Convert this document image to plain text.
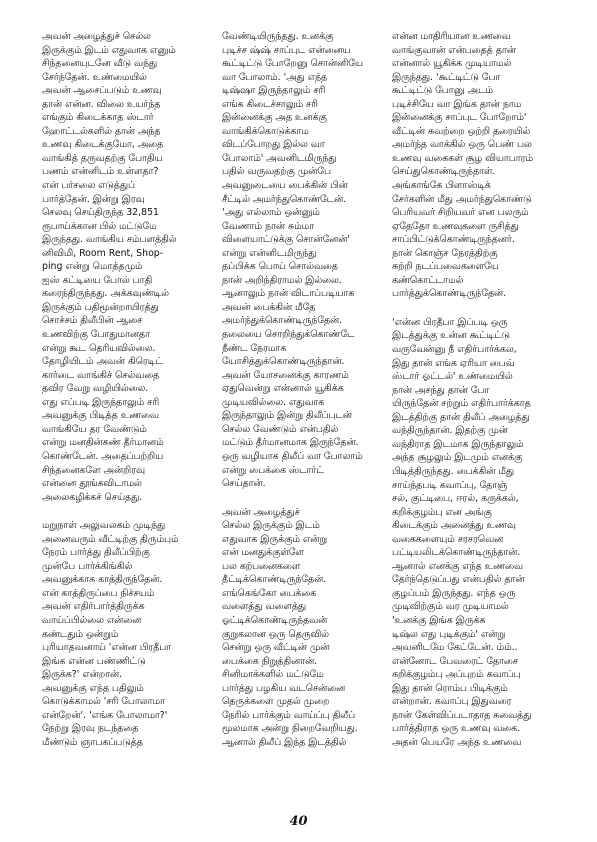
அவன் அழைத்துச் செல்ல
இருக்கும் இடம் எதுவாக எனும்
சிந்தனையுடனே வீடு வந்து
சேர்ந்தேன். உண்மையில்
அவன் ஆசைப்படும் உணவு
தான் என்ன. விலை உயர்ந்த
எங்கும் கிடைக்காத ஸ்டார்
ஹோட்டல்களில் தான் அந்த
உணவு கிடைக்குமோ, அதை
வாங்கித் தருவதற்கு போதிய
பணம் என்னிடம் உள்ளதா?
என் பர்சலை எடுத்துப்
பார்த்தேன். இன்று இரவு
செலவு செய்திருந்த 32,851
ரூபாய்க்கான பில் மட்டுமே
இருந்தது. வாங்கிய சம்பளத்தில்
னிவிமி, Room Rent, Shop-
ping என்று மொத்தமும்
ஐஸ் கட்டியை போல் பாதி
கரைந்திருந்தது. அக்கவுண்டில்
இருக்கும் பதிமூன்றாயிரத்து
சொச்சம் திலீபின் ஆசை
உணவிற்கு போதுமானதா
என்று கூட தெரியவில்லை.
தோழியிடம் அவன் கிரெடிட்
கார்டை வாங்கிச் செல்வதை
தவிர வேறு வழியில்லை.
எது எப்படி இருந்தாலும் சரி
அவனுக்கு பிடித்த உணவை
வாங்கியே தர வேண்டும்
என்று மனதின்கண் தீர்மானம்
கொண்டேன். அதைப்பற்றிய
சிந்தனைகளே அன்றிரவு
என்னை தூங்கவிடாமல்
அலைகழிக்கச் செய்தது.
மறுநாள் அலுவலகம் முடிந்து
அனைவரும் வீட்டிற்கு திரும்பும்
நேரம் பார்த்து திலீப்பிற்கு
முன்பே பார்க்கிங்கில்
அவனுக்காக காத்திருந்தேன்.
என் காத்திருப்பை நிச்சயம்
அவன் எதிர்பார்த்திருக்க
வாய்ப்பில்லை என்னை
கண்டதும் ஒன்றும்
புரியாதவனாய் 'என்ன பிரதீபா
இங்க என்ன பண்ணிட்டு
இருக்க?' என்றான்.
அவனுக்கு எந்த பதிலும்
கொடுக்காமல் 'சரி போலாமா
என்றேன்'. 'எங்க போலாமா?'
நேற்று இரவு நடந்ததை
மீண்டும் ஞாபகப்படுத்த
வேண்டியிருந்தது. உனக்கு
புடிச்ச ஷ்ஷ் சாப்புட என்னைய
கூட்டிட்டு போறேனு சொன்னியே
வா போலாம். 'அது எந்த
டிஷ்ஷா இருந்தாலும் சரி
எங்க கிடைச்சாலும் சரி
இன்னைக்கு அத உனக்கு
வாங்கிக்கொடுக்காம
விடப்போறது இல்ல வா
போலாம்' அவனிடமிருந்து
பதில் வருவதற்கு முன்பே
அவனுடையை பைக்கின் பின்
சீட்டில் அமர்ந்துகொண்டேன்.
'அது எல்லாம் ஒன்னும்
வேணாம் நான் சும்மா
விளையாட்டுக்கு சொன்னேன்'
என்று என்னிடமிருந்து
தப்பிக்க பொய் சொல்வதை
நான் அறிந்திராமல் இல்லை.
ஆனாலும் நான் விடாப்படியாக
அவன் பைக்கின் மீதே
அமர்ந்துக்கொண்டிருந்தேன்.
தலையை சொறிந்துக்கொண்டே
நீண்ட நேரமாக
யோசித்துக்கொண்டிருந்தான்.
அவன் யோசனைக்கு காரணம்
ஏதுவென்று என்னால் யூகிக்க
முடியவில்லை. எதுவாக
இருந்தாலும் இன்று திலீப்புடன்
செல்ல வேண்டும் என்பதில்
மட்டும் தீர்மானமாக இருந்தேன்.
ஒரு வழியாக திலீப் வா போலாம்
என்று பைக்கை ஸ்டார்ட்
செய்தான்.
அவன் அழைத்துச்
செல்ல இருக்கும் இடம்
எதுவாக இருக்கும் என்று
என் மனதுக்குள்ளே
பல கற்பனைகளை
தீட்டிக்கொண்டிருந்தேன்.
எங்கெங்கோ பைக்கை
வளைத்து வளைத்து
ஓட்டிக்கொண்டிருந்தவன்
குறுகலான ஒரு தெருவில்
சென்று ஒரு வீட்டின் முன்
பைக்கை நிறுத்தினான்.
சினிமாக்களில் மட்டுமே
பார்த்து பழகிய வடசென்னை
தெருக்களை முதல் முறை
நேரில் பார்க்கும் வாய்ப்பு திலீப்
மூலமாக அன்று நிறைவேறியது.
ஆனால் திலீப் இந்த இடத்தில்
என்ன மாதிரியான உணவை
வாங்குவான் என்பதைத் தான்
என்னால் யூகிக்க முடியாமல்
இருந்தது. 'கூட்டிட்டு போ
கூட்டிட்டு போனு அடம்
புடிச்சியே வா இங்க தான் நாம
இன்னைக்கு சாப்புட போறோம்'
வீட்டின் சுவற்றை ஒற்றி தரையில்
அமர்ந்த வாக்கில் ஒரு பெண் பல
உணவு வகைகள் சூழ வியாபாரம்
செய்துகொண்டிருந்தாள்.
அங்காங்கே பிளாஸ்டிக்
சேர்களின் மீது அமர்ந்துகொண்டு
பெரியவர் சிறியவர் என பலரும்
ஏதேதோ உணவுகளை ருசித்து
சாப்பிட்டுக்கொண்டிருந்தனர்.
நான் கொஞ்ச நேரத்திற்கு
சுற்றி நடப்பவைகளையே
கண்கொட்டாமல்
பார்த்துக்கொண்டிருந்தேன்.
'என்ன பிரதீபா இப்படி ஒரு
இடத்துக்கு உன்ன கூட்டிட்டு
வருவேன்னு நீ எதிர்பார்க்கல,
இது தான் எங்க ஏரியா பைவ்
ஸ்டார் ஓட்டல்' உண்மையில்
நான் அசந்து தான் போ
யிருந்தேன் சற்றும் எதிர்பார்க்காத
இடத்திற்கு தான் திலீப் அழைத்து
வந்திருந்தான். இதற்கு முன்
வந்திராத இடமாக இருந்தாலும்
அந்த சூழலும் இடமும் எனக்கு
பிடித்திருந்தது. பைக்கின் மீது
சாய்ந்தபடி கவாப்பு, தோஞ்
சல், குட்டிபை, ஈரல், கருக்கல்,
கறிக்குழம்பு என அங்கு
கிடைக்கும் அனைத்து உணவு
வகைகளையும் சரசரவென
பட்டியலிடக்கொண்டிருந்தான்.
ஆனால் எனக்கு எந்த உணவை
தேர்ந்தெடுப்பது என்பதில் தான்
குழப்பம் இருந்தது. எந்த ஒரு
முடிவிற்கும் வர முடியாமல்
'உனக்கு இங்க இருக்க
டிஷ்ல எது புடிக்கும்' என்று
அவனிடமே கேட்டேன். ம்ம்..
என்னோட பேவரைட் தோசை
கறிக்குழம்பு அப்புறம் கவாப்பு
இது தான் ரொம்ப பிடிக்கும்
என்றான். கவாப்பு இதுவரை
நான் கேள்விப்படாதாத சுவைத்து
பார்த்திராத ஒரு உணவு வகை.
அதன் பெயரே அந்த உணவை
40
